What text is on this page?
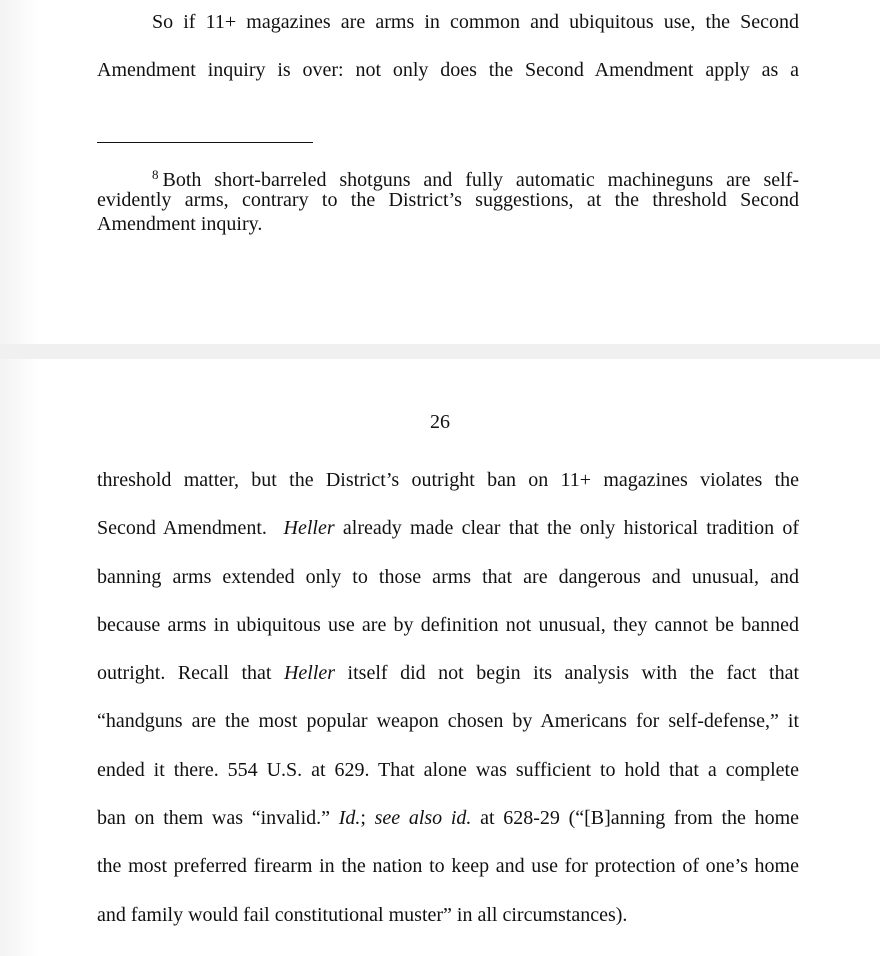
So if 11+ magazines are arms in common and ubiquitous use, the Second
Amendment inquiry is over: not only does the Second Amendment apply as a
$^8$ Both short-barreled shotguns and fully automatic machineguns are self-
evidently arms, contrary to the District’s suggestions, at the threshold Second
Amendment inquiry.
26
threshold matter, but the District’s outright ban on 11+ magazines violates the
Second Amendment. Heller already made clear that the only historical tradition of
banning arms extended only to those arms that are dangerous and unusual, and
because arms in ubiquitous use are by definition not unusual, they cannot be banned
outright. Recall that Heller itself did not begin its analysis with the fact that
“handguns are the most popular weapon chosen by Americans for self-defense,” it
ended it there. 554 U.S. at 629. That alone was sufficient to hold that a complete
ban on them was “invalid.” Id.; see also id. at 628-29 (“[B]anning from the home
the most preferred firearm in the nation to keep and use for protection of one’s home
and family would fail constitutional muster” in all circumstances).
